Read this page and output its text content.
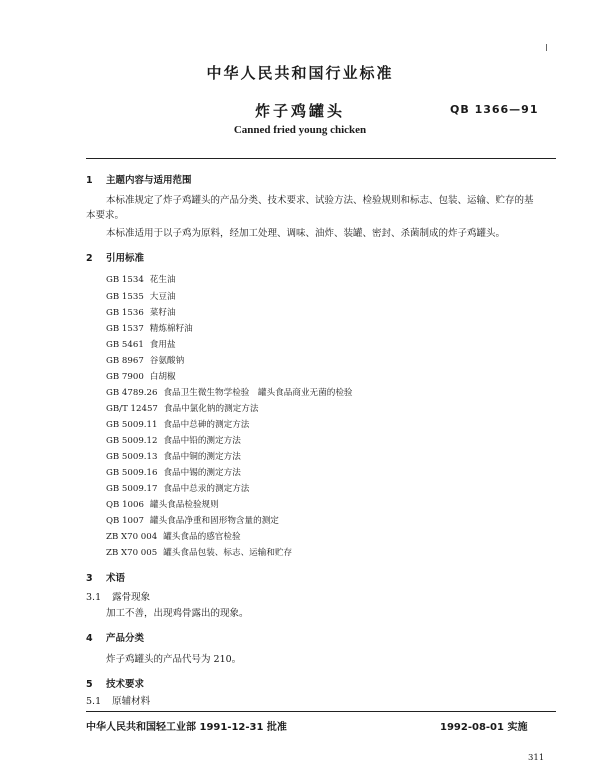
中华人民共和国行业标准
炸子鸡罐头	QB 1366—91
Canned fried young chicken
1 主题内容与适用范围
本标准规定了炸子鸡罐头的产品分类、技术要求、试验方法、检验规则和标志、包装、运输、贮存的基
本要求。
本标准适用于以子鸡为原料，经加工处理、调味、油炸、装罐、密封、杀菌制成的炸子鸡罐头。
2 引用标准
GB 1534 花生油
GB 1535 大豆油
GB 1536 菜籽油
GB 1537 精炼棉籽油
GB 5461 食用盐
GB 8967 谷氨酸钠
GB 7900 白胡椒
GB 4789.26 食品卫生微生物学检验　罐头食品商业无菌的检验
GB/T 12457 食品中氯化钠的测定方法
GB 5009.11 食品中总砷的测定方法
GB 5009.12 食品中铅的测定方法
GB 5009.13 食品中铜的测定方法
GB 5009.16 食品中锡的测定方法
GB 5009.17 食品中总汞的测定方法
QB 1006 罐头食品检验规则
QB 1007 罐头食品净重和固形物含量的测定
ZB X70 004 罐头食品的感官检验
ZB X70 005 罐头食品包装、标志、运输和贮存
3 术语
3.1 露骨现象
加工不善，出现鸡骨露出的现象。
4 产品分类
炸子鸡罐头的产品代号为 210。
5 技术要求
5.1 原辅材料
中华人民共和国轻工业部 1991-12-31 批准	1992-08-01 实施
311
